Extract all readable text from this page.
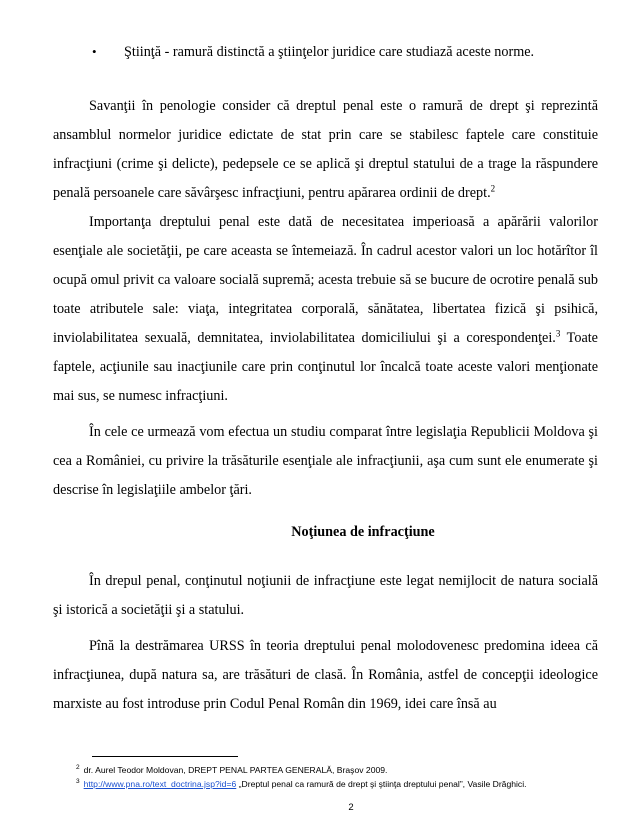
• Ştiinţă - ramură distinctă a ştiinţelor juridice care studiază aceste norme.

Savanţii în penologie consider că dreptul penal este o ramură de drept şi reprezintă ansamblul normelor juridice edictate de stat prin care se stabilesc faptele care constituie infracţiuni (crime şi delicte), pedepsele ce se aplică şi dreptul statului de a trage la răspundere penală persoanele care săvârşesc infracţiuni, pentru apărarea ordinii de drept.$^2$

Importanţa dreptului penal este dată de necesitatea imperioasă a apărării valorilor esenţiale ale societăţii, pe care aceasta se întemeiază. În cadrul acestor valori un loc hotărîtor îl ocupă omul privit ca valoare socială supremă; acesta trebuie să se bucure de ocrotire penală sub toate atributele sale: viaţa, integritatea corporală, sănătatea, libertatea fizică şi psihică, inviolabilitatea sexuală, demnitatea, inviolabilitatea domiciliului şi a corespondenţei.$^3$ Toate faptele, acţiunile sau inacţiunile care prin conţinutul lor încalcă toate aceste valori menţionate mai sus, se numesc infracţiuni.

În cele ce urmează vom efectua un studiu comparat între legislaţia Republicii Moldova şi cea a României, cu privire la trăsăturile esenţiale ale infracţiunii, aşa cum sunt ele enumerate şi descrise în legislaţiile ambelor ţări.

Noţiunea de infracţiune

În drepul penal, conţinutul noţiunii de infracţiune este legat nemijlocit de natura socială şi istorică a societăţii şi a statului.

Pînă la destrămarea URSS în teoria dreptului penal molodovenesc predomina ideea că infracţiunea, după natura sa, are trăsături de clasă. În România, astfel de concepţii ideologice marxiste au fost introduse prin Codul Penal Român din 1969, idei care însă au

$^2$ dr. Aurel Teodor Moldovan, DREPT PENAL PARTEA GENERALĂ, Braşov 2009.
$^3$ http://www.pna.ro/text_doctrina.jsp?id=6 „Dreptul penal ca ramură de drept şi ştiinţa dreptului penal”, Vasile Drăghici.
2
